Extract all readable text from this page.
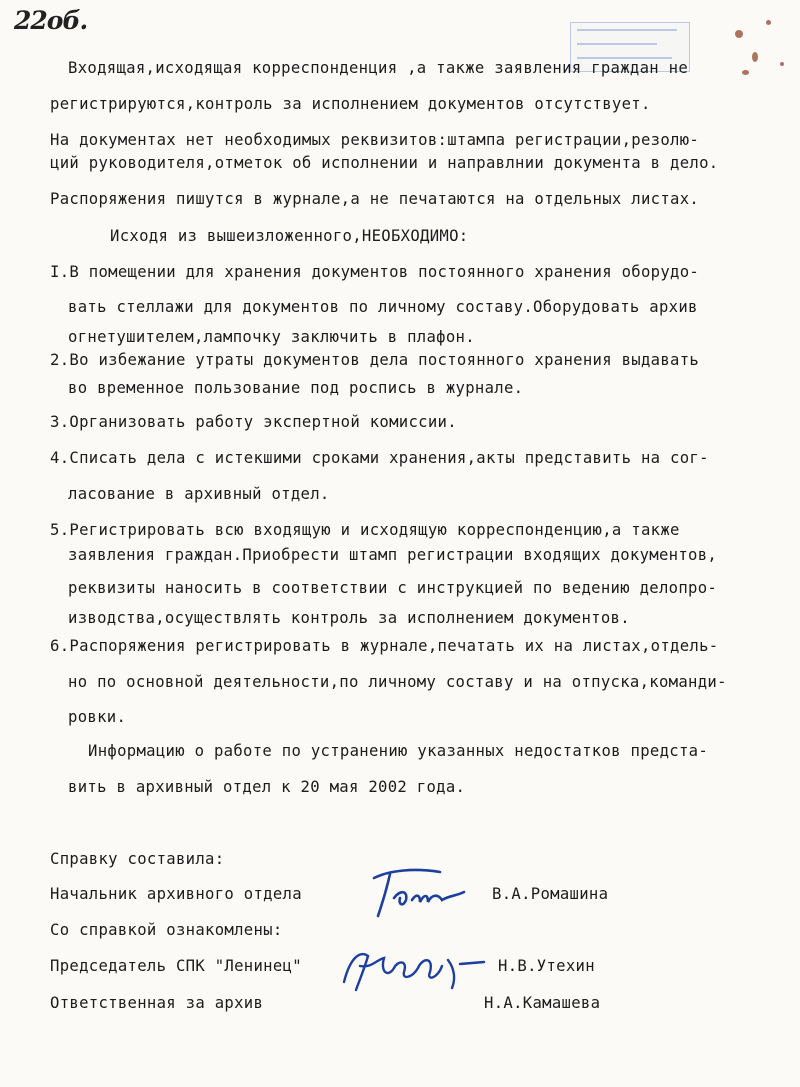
22об.
Входящая,исходящая корреспонденция ,а также заявления граждан не
регистрируются,контроль за исполнением документов отсутствует.
На документах нет необходимых реквизитов:штампа регистрации,резолю-
ций руководителя,отметок об исполнении и направлнии документа в дело.
Распоряжения пишутся в журнале,а не печатаются на отдельных листах.
Исходя из вышеизложенного,НЕОБХОДИМО:
I.В помещении для хранения документов постоянного хранения оборудо-
вать стеллажи для документов по личному составу.Оборудовать архив
огнетушителем,лампочку заключить в плафон.
2.Во избежание утраты документов дела постоянного хранения выдавать
во временное пользование под роспись в журнале.
3.Организовать работу экспертной комиссии.
4.Списать дела с истекшими сроками хранения,акты представить на сог-
ласование в архивный отдел.
5.Регистрировать всю входящую и исходящую корреспонденцию,а также
заявления граждан.Приобрести штамп регистрации входящих документов,
реквизиты наносить в соответствии с инструкцией по ведению делопро-
изводства,осуществлять контроль за исполнением документов.
6.Распоряжения регистрировать в журнале,печатать их на листах,отдель-
но по основной деятельности,по личному составу и на отпуска,команди-
ровки.
Информацию о работе по устранению указанных недостатков предста-
вить в архивный отдел к 20 мая 2002 года.
Справку составила:
Начальник архивного отдела	В.А.Ромашина
Со справкой ознакомлены:
Председатель СПК "Ленинец"	Н.В.Утехин
Ответственная за архив	Н.А.Камашева
